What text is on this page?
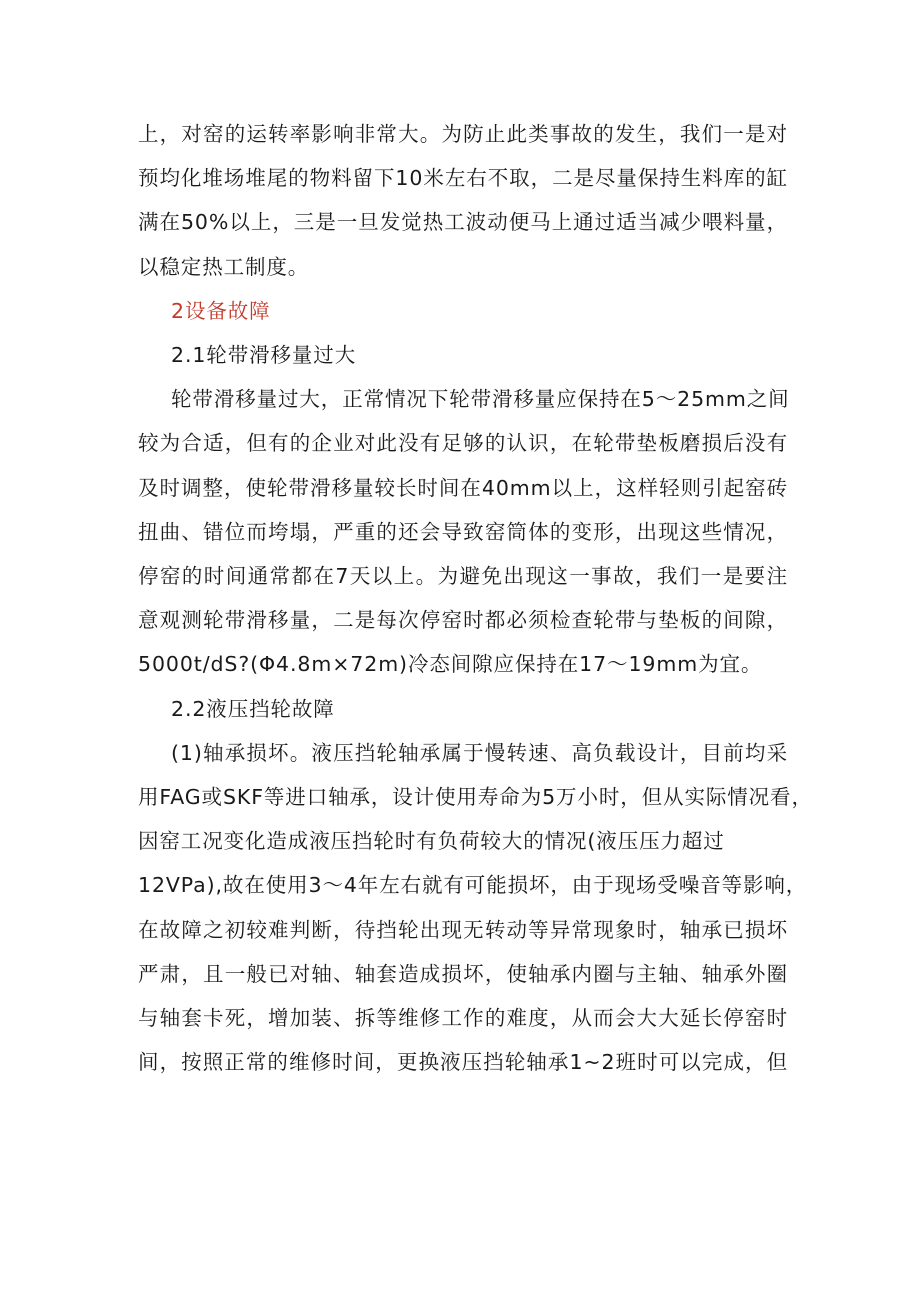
上，对窑的运转率影响非常大。为防止此类事故的发生，我们一是对
预均化堆场堆尾的物料留下10米左右不取，二是尽量保持生料库的缸
满在50%以上，三是一旦发觉热工波动便马上通过适当减少喂料量，
以稳定热工制度。

2设备故障

2.1轮带滑移量过大

轮带滑移量过大，正常情况下轮带滑移量应保持在5〜25mm之间
较为合适，但有的企业对此没有足够的认识，在轮带垫板磨损后没有
及时调整，使轮带滑移量较长时间在40mm以上，这样轻则引起窑砖
扭曲、错位而垮塌，严重的还会导致窑筒体的变形，出现这些情况，
停窑的时间通常都在7天以上。为避免出现这一事故，我们一是要注
意观测轮带滑移量，二是每次停窑时都必须检查轮带与垫板的间隙，
5000t∕dS?(Φ4.8m×72m)冷态间隙应保持在17〜19mm为宜。

2.2液压挡轮故障

(1)轴承损坏。液压挡轮轴承属于慢转速、高负载设计，目前均采
用FAG或SKF等进口轴承，设计使用寿命为5万小时，但从实际情况看，
因窑工况变化造成液压挡轮时有负荷较大的情况(液压压力超过
12VPa),故在使用3〜4年左右就有可能损坏，由于现场受噪音等影响，
在故障之初较难判断，待挡轮出现无转动等异常现象时，轴承已损坏
严肃，且一般已对轴、轴套造成损坏，使轴承内圈与主轴、轴承外圈
与轴套卡死，增加装、拆等维修工作的难度，从而会大大延长停窑时
间，按照正常的维修时间，更换液压挡轮轴承1~2班时可以完成，但
